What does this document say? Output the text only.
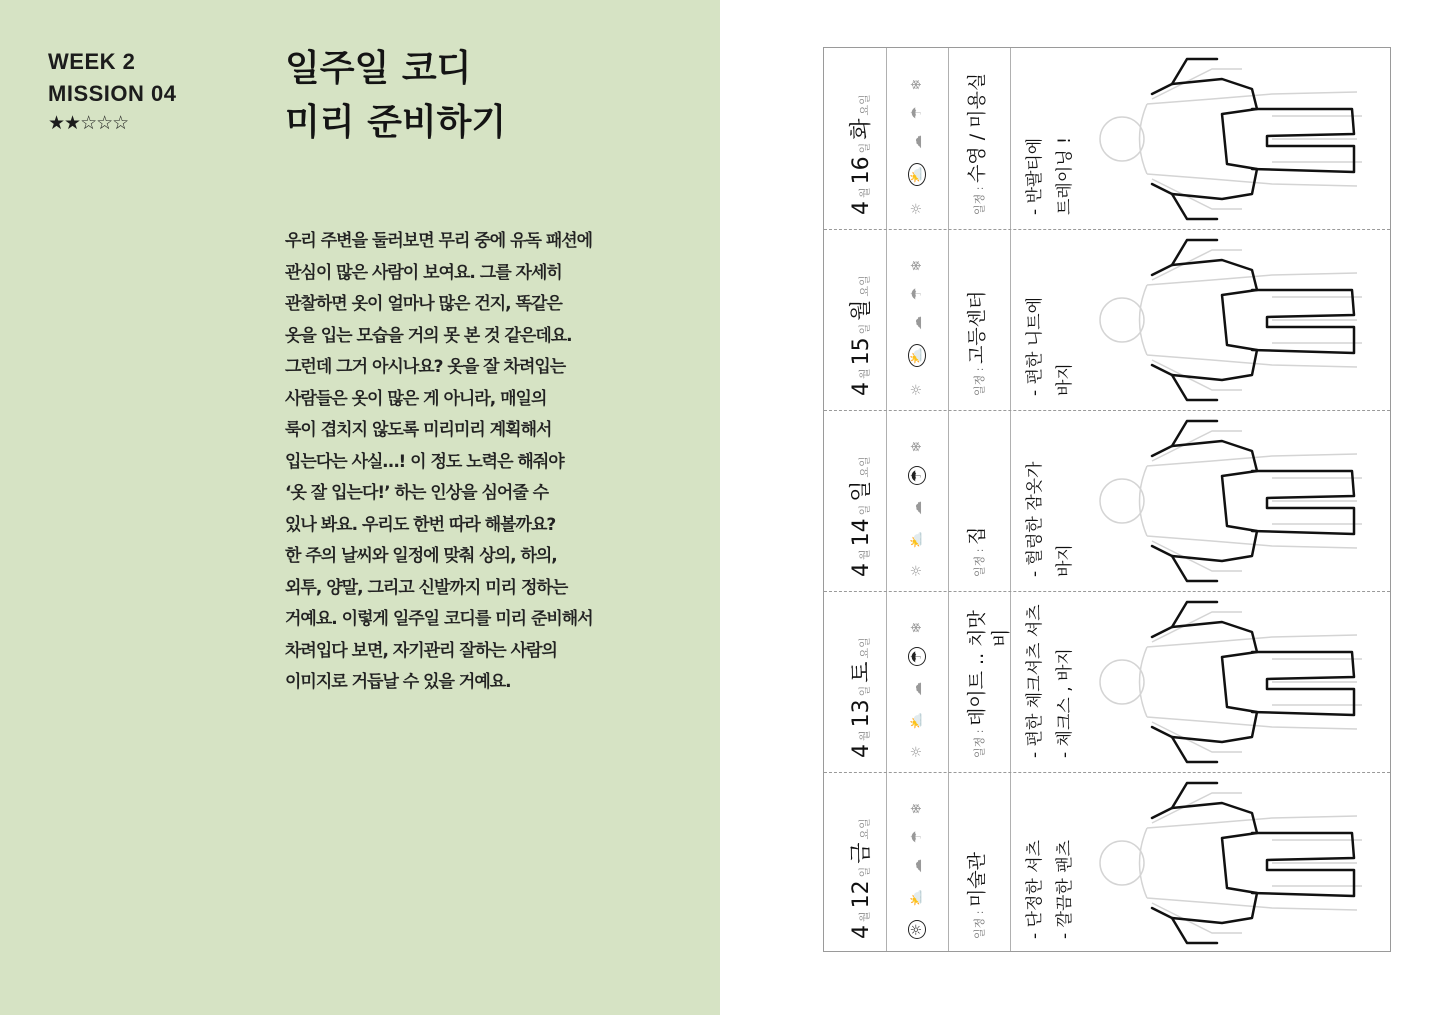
WEEK 2
MISSION 04
★★☆☆☆
일주일 코디
미리 준비하기
우리 주변을 둘러보면 무리 중에 유독 패션에
관심이 많은 사람이 보여요. 그를 자세히
관찰하면 옷이 얼마나 많은 건지, 똑같은
옷을 입는 모습을 거의 못 본 것 같은데요.
그런데 그거 아시나요? 옷을 잘 차려입는
사람들은 옷이 많은 게 아니라, 매일의
룩이 겹치지 않도록 미리미리 계획해서
입는다는 사실…! 이 정도 노력은 해줘야
‘옷 잘 입는다!’ 하는 인상을 심어줄 수
있나 봐요. 우리도 한번 따라 해볼까요?
한 주의 날씨와 일정에 맞춰 상의, 하의,
외투, 양말, 그리고 신발까지 미리 정하는
거예요. 이렇게 일주일 코디를 미리 준비해서
차려입다 보면, 자기관리 잘하는 사람의
이미지로 거듭날 수 있을 거예요.
4월12일금요일
☼⛅☁☂❄
일정 : 미술관 - 단정한 셔츠 - 깔끔한 팬츠
4월13일토요일
☼⛅☁☂❄
일정 : 데이트 .. 치맛 비 - 편한 체크셔츠 셔츠 - 체크스 , 바지
4월14일일요일
☼⛅☁☂❄
일정 : 집 - 헐렁한 잠옷가 바지
4월15일월요일
☼⛅☁☂❄
일정 : 고등센터 - 편한 니트에 바지
4월16일화요일
☼⛅☁☂❄
일정 : 수영 / 미용실 - 반팔티에 트레이닝 !
